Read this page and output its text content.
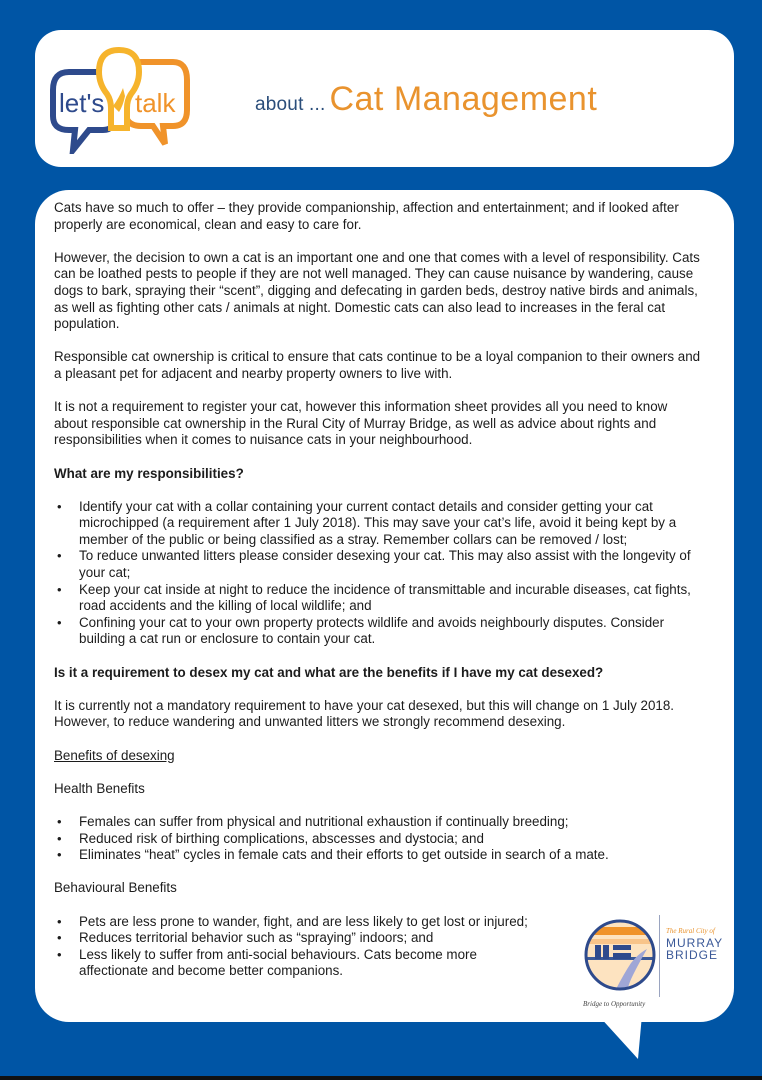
let's talk	about ... Cat Management

Cats have so much to offer – they provide companionship, affection and entertainment; and if looked after properly are economical, clean and easy to care for.

However, the decision to own a cat is an important one and one that comes with a level of responsibility. Cats can be loathed pests to people if they are not well managed. They can cause nuisance by wandering, cause dogs to bark, spraying their “scent”, digging and defecating in garden beds, destroy native birds and animals, as well as fighting other cats / animals at night. Domestic cats can also lead to increases in the feral cat population.

Responsible cat ownership is critical to ensure that cats continue to be a loyal companion to their owners and a pleasant pet for adjacent and nearby property owners to live with.

It is not a requirement to register your cat, however this information sheet provides all you need to know about responsible cat ownership in the Rural City of Murray Bridge, as well as advice about rights and responsibilities when it comes to nuisance cats in your neighbourhood.

What are my responsibilities?

• Identify your cat with a collar containing your current contact details and consider getting your cat microchipped (a requirement after 1 July 2018). This may save your cat’s life, avoid it being kept by a member of the public or being classified as a stray. Remember collars can be removed / lost;
• To reduce unwanted litters please consider desexing your cat. This may also assist with the longevity of your cat;
• Keep your cat inside at night to reduce the incidence of transmittable and incurable diseases, cat fights, road accidents and the killing of local wildlife; and
• Confining your cat to your own property protects wildlife and avoids neighbourly disputes. Consider building a cat run or enclosure to contain your cat.

Is it a requirement to desex my cat and what are the benefits if I have my cat desexed?

It is currently not a mandatory requirement to have your cat desexed, but this will change on 1 July 2018. However, to reduce wandering and unwanted litters we strongly recommend desexing.

Benefits of desexing

Health Benefits

• Females can suffer from physical and nutritional exhaustion if continually breeding;
• Reduced risk of birthing complications, abscesses and dystocia; and
• Eliminates “heat” cycles in female cats and their efforts to get outside in search of a mate.

Behavioural Benefits

• Pets are less prone to wander, fight, and are less likely to get lost or injured;
• Reduces territorial behavior such as “spraying” indoors; and
• Less likely to suffer from anti-social behaviours. Cats become more affectionate and become better companions.
The Rural City of
MURRAY
BRIDGE
Bridge to Opportunity
